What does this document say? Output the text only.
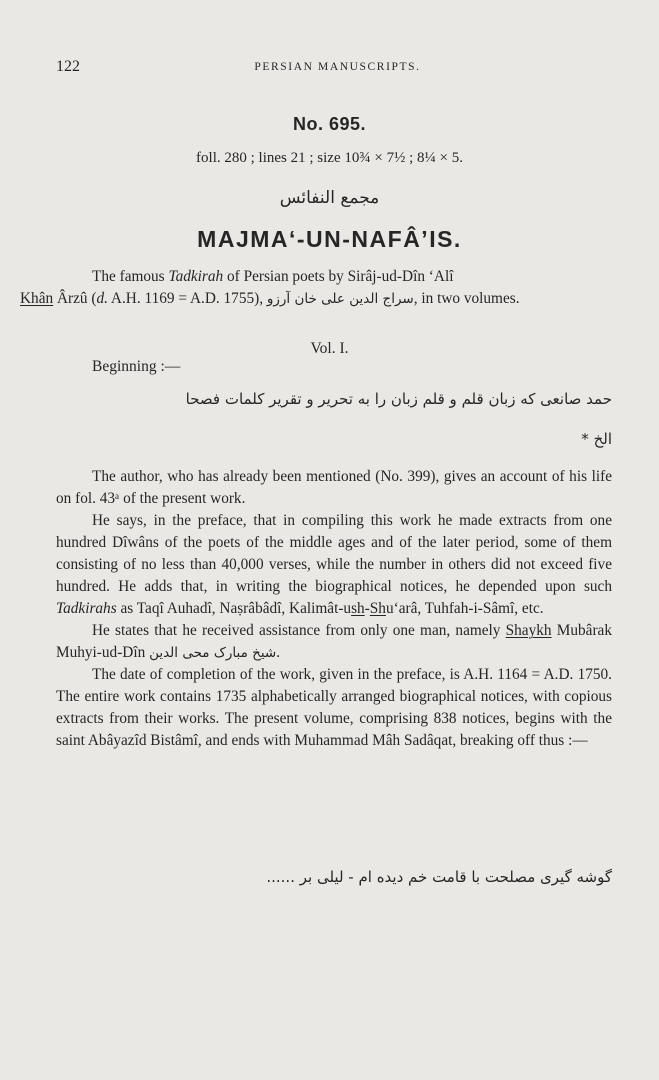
122	PERSIAN MANUSCRIPTS.
No. 695.
foll. 280 ; lines 21 ; size 10¾ × 7½ ; 8¼ × 5.
مجمع النفائس
MAJMA‘-UN-NAFÂ’IS.

The famous Tadkirah of Persian poets by Sirâj-ud-Dîn ‘Alî
Khân Ârzû (d. A.H. 1169 = A.D. 1755), سراج الدين على خان آرزو, in two volumes.

Vol. I.
Beginning :—
حمد صانعی که زبان قلم و قلم زبان را به تحریر و تقریر کلمات فصحا
الخ *

The author, who has already been mentioned (No. 399), gives an account of his life on fol. 43ᵃ of the present work.

He says, in the preface, that in compiling this work he made extracts from one hundred Dîwâns of the poets of the middle ages and of the later period, some of them consisting of no less than 40,000 verses, while the number in others did not exceed five hundred. He adds that, in writing the biographical notices, he depended upon such Tadkirahs as Taqî Auhadî, Naṣrâbâdî, Kalimât-ush-Shu‘arâ, Tuhfah-i-Sâmî, etc.

He states that he received assistance from only one man, namely Shaykh Mubârak Muhyi-ud-Dîn شیخ مبارک محی الدین.

The date of completion of the work, given in the preface, is A.H. 1164 = A.D. 1750. The entire work contains 1735 alphabetically arranged biographical notices, with copious extracts from their works. The present volume, comprising 838 notices, begins with the saint Abâyazîd Bistâmî, and ends with Muhammad Mâh Sadâqat, breaking off thus :—

گوشه گیری مصلحت با قامت خم دیده ام - لیلی بر ......
